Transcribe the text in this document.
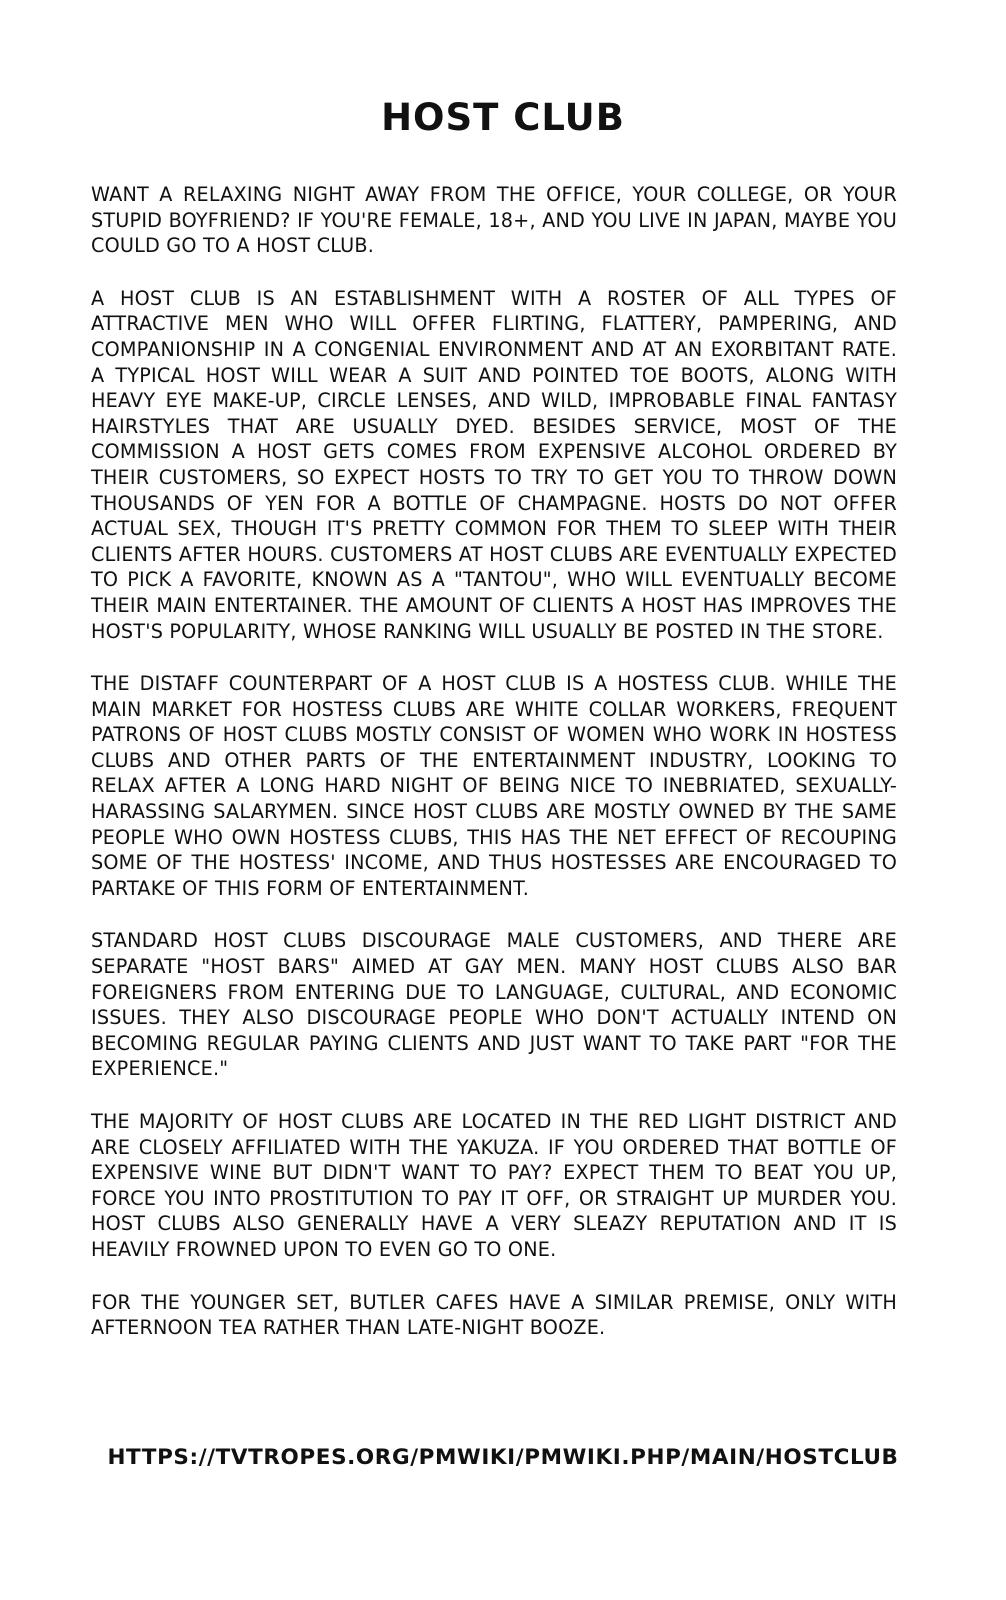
HOST CLUB

WANT A RELAXING NIGHT AWAY FROM THE OFFICE, YOUR COLLEGE, OR YOUR STUPID BOYFRIEND? IF YOU'RE FEMALE, 18+, AND YOU LIVE IN JAPAN, MAYBE YOU COULD GO TO A HOST CLUB.

A HOST CLUB IS AN ESTABLISHMENT WITH A ROSTER OF ALL TYPES OF ATTRACTIVE MEN WHO WILL OFFER FLIRTING, FLATTERY, PAMPERING, AND COMPANIONSHIP IN A CONGENIAL ENVIRONMENT AND AT AN EXORBITANT RATE. A TYPICAL HOST WILL WEAR A SUIT AND POINTED TOE BOOTS, ALONG WITH HEAVY EYE MAKE-UP, CIRCLE LENSES, AND WILD, IMPROBABLE FINAL FANTASY HAIRSTYLES THAT ARE USUALLY DYED. BESIDES SERVICE, MOST OF THE COMMISSION A HOST GETS COMES FROM EXPENSIVE ALCOHOL ORDERED BY THEIR CUSTOMERS, SO EXPECT HOSTS TO TRY TO GET YOU TO THROW DOWN THOUSANDS OF YEN FOR A BOTTLE OF CHAMPAGNE. HOSTS DO NOT OFFER ACTUAL SEX, THOUGH IT'S PRETTY COMMON FOR THEM TO SLEEP WITH THEIR CLIENTS AFTER HOURS. CUSTOMERS AT HOST CLUBS ARE EVENTUALLY EXPECTED TO PICK A FAVORITE, KNOWN AS A "TANTOU", WHO WILL EVENTUALLY BECOME THEIR MAIN ENTERTAINER. THE AMOUNT OF CLIENTS A HOST HAS IMPROVES THE HOST'S POPULARITY, WHOSE RANKING WILL USUALLY BE POSTED IN THE STORE.

THE DISTAFF COUNTERPART OF A HOST CLUB IS A HOSTESS CLUB. WHILE THE MAIN MARKET FOR HOSTESS CLUBS ARE WHITE COLLAR WORKERS, FREQUENT PATRONS OF HOST CLUBS MOSTLY CONSIST OF WOMEN WHO WORK IN HOSTESS CLUBS AND OTHER PARTS OF THE ENTERTAINMENT INDUSTRY, LOOKING TO RELAX AFTER A LONG HARD NIGHT OF BEING NICE TO INEBRIATED, SEXUALLY-HARASSING SALARYMEN. SINCE HOST CLUBS ARE MOSTLY OWNED BY THE SAME PEOPLE WHO OWN HOSTESS CLUBS, THIS HAS THE NET EFFECT OF RECOUPING SOME OF THE HOSTESS' INCOME, AND THUS HOSTESSES ARE ENCOURAGED TO PARTAKE OF THIS FORM OF ENTERTAINMENT.

STANDARD HOST CLUBS DISCOURAGE MALE CUSTOMERS, AND THERE ARE SEPARATE "HOST BARS" AIMED AT GAY MEN. MANY HOST CLUBS ALSO BAR FOREIGNERS FROM ENTERING DUE TO LANGUAGE, CULTURAL, AND ECONOMIC ISSUES. THEY ALSO DISCOURAGE PEOPLE WHO DON'T ACTUALLY INTEND ON BECOMING REGULAR PAYING CLIENTS AND JUST WANT TO TAKE PART "FOR THE EXPERIENCE."

THE MAJORITY OF HOST CLUBS ARE LOCATED IN THE RED LIGHT DISTRICT AND ARE CLOSELY AFFILIATED WITH THE YAKUZA. IF YOU ORDERED THAT BOTTLE OF EXPENSIVE WINE BUT DIDN'T WANT TO PAY? EXPECT THEM TO BEAT YOU UP, FORCE YOU INTO PROSTITUTION TO PAY IT OFF, OR STRAIGHT UP MURDER YOU. HOST CLUBS ALSO GENERALLY HAVE A VERY SLEAZY REPUTATION AND IT IS HEAVILY FROWNED UPON TO EVEN GO TO ONE.

FOR THE YOUNGER SET, BUTLER CAFES HAVE A SIMILAR PREMISE, ONLY WITH AFTERNOON TEA RATHER THAN LATE-NIGHT BOOZE.

HTTPS://TVTROPES.ORG/PMWIKI/PMWIKI.PHP/MAIN/HOSTCLUB
